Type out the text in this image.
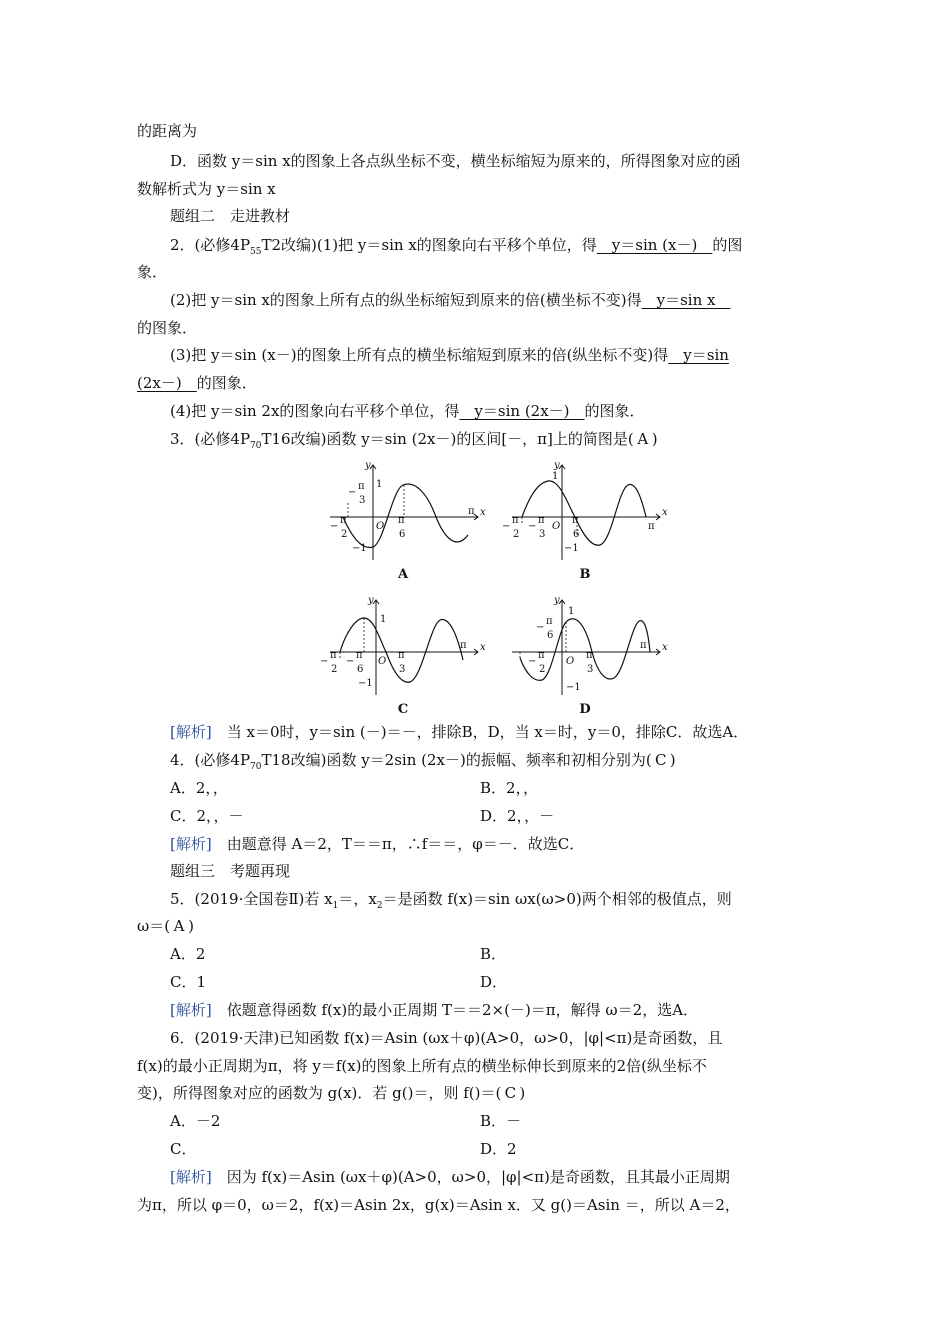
的距离为
D．函数 y＝sin x的图象上各点纵坐标不变，横坐标缩短为原来的，所得图象对应的函
数解析式为 y＝sin x
题组二　走进教材
2．(必修$4P_{55}T2$改编)(1)把 y＝sin x的图象向右平移个单位，得　y＝sin (x－)　的图
象．
(2)把 y＝sin x的图象上所有点的纵坐标缩短到原来的倍(横坐标不变)得　y＝sin x　
的图象．
(3)把 y＝sin (x－)的图象上所有点的横坐标缩短到原来的倍(纵坐标不变)得　y＝sin
(2x－)　的图象．
(4)把 y＝sin 2x的图象向右平移个单位，得　y＝sin (2x－)　的图象．
3．(必修$4P_{70}T16$改编)函数 y＝sin (2x－)的区间[－，π]上的简图是( A )
y
x
1
−1
O
π
−
π
2
−
π
3
π
6
A
y
x
1
−1
O	π
−
π
2
−
π
3
π
6
B
y
x
1
−1
O
π
−
π
2
−
π
6
π
3
C
y
x
1
−1
O
π
−
π
2
−
π
6
π
3
D
[解析]　当 x＝0时，y＝sin (－)＝－，排除B，D，当 x＝时，y＝0，排除C．故选A．
4．(必修$4P_{70}T18$改编)函数 y＝2sin (2x－)的振幅、频率和初相分别为( C )
A．2，，	B．2，，
C．2，，－	D．2，，－
[解析]　由题意得 A＝2，T＝＝π，∴f＝＝，φ＝－．故选C．
题组三　考题再现
5．(2019·全国卷Ⅱ)若 $x_1=$，$x_2=$是函数 f(x)＝sin ωx(ω>0)两个相邻的极值点，则
ω＝( A )
A．2	B．
C．1	D．
[解析]　依题意得函数 f(x)的最小正周期 T＝＝2×(－)＝π，解得 ω＝2，选A．
6．(2019·天津)已知函数 f(x)＝Asin (ωx＋φ)(A>0，ω>0，|φ|<π)是奇函数，且
f(x)的最小正周期为π，将 y＝f(x)的图象上所有点的横坐标伸长到原来的2倍(纵坐标不
变)，所得图象对应的函数为 g(x)．若 g()＝，则 f()＝( C )
A．－2	B．－
C．	D．2
[解析]　因为 f(x)＝Asin (ωx＋φ)(A>0，ω>0，|φ|<π)是奇函数，且其最小正周期
为π，所以 φ＝0，ω＝2，f(x)＝Asin 2x，g(x)＝Asin x．又 g()＝Asin ＝，所以 A＝2，
